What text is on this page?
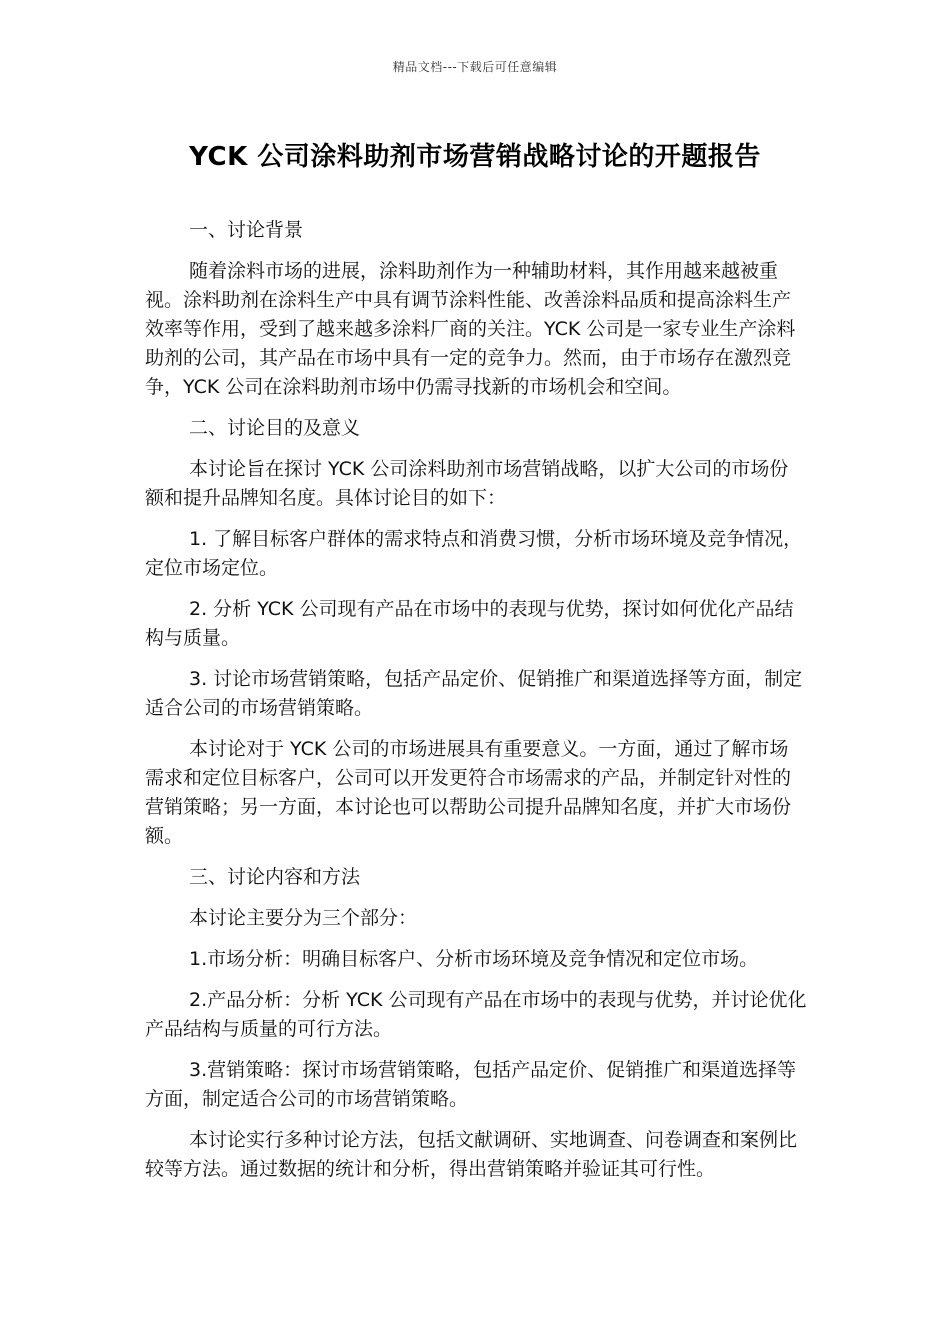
精品文档---下载后可任意编辑
YCK 公司涂料助剂市场营销战略讨论的开题报告

一、讨论背景

随着涂料市场的进展，涂料助剂作为一种辅助材料，其作用越来越被重视。涂料助剂在涂料生产中具有调节涂料性能、改善涂料品质和提高涂料生产效率等作用，受到了越来越多涂料厂商的关注。YCK 公司是一家专业生产涂料助剂的公司，其产品在市场中具有一定的竞争力。然而，由于市场存在激烈竞争，YCK 公司在涂料助剂市场中仍需寻找新的市场机会和空间。

二、讨论目的及意义

本讨论旨在探讨 YCK 公司涂料助剂市场营销战略，以扩大公司的市场份额和提升品牌知名度。具体讨论目的如下：

1. 了解目标客户群体的需求特点和消费习惯，分析市场环境及竞争情况，定位市场定位。

2. 分析 YCK 公司现有产品在市场中的表现与优势，探讨如何优化产品结构与质量。

3. 讨论市场营销策略，包括产品定价、促销推广和渠道选择等方面，制定适合公司的市场营销策略。

本讨论对于 YCK 公司的市场进展具有重要意义。一方面，通过了解市场需求和定位目标客户，公司可以开发更符合市场需求的产品，并制定针对性的营销策略；另一方面，本讨论也可以帮助公司提升品牌知名度，并扩大市场份额。

三、讨论内容和方法

本讨论主要分为三个部分：

1.市场分析：明确目标客户、分析市场环境及竞争情况和定位市场。

2.产品分析：分析 YCK 公司现有产品在市场中的表现与优势，并讨论优化产品结构与质量的可行方法。

3.营销策略：探讨市场营销策略，包括产品定价、促销推广和渠道选择等方面，制定适合公司的市场营销策略。

本讨论实行多种讨论方法，包括文献调研、实地调查、问卷调查和案例比较等方法。通过数据的统计和分析，得出营销策略并验证其可行性。
